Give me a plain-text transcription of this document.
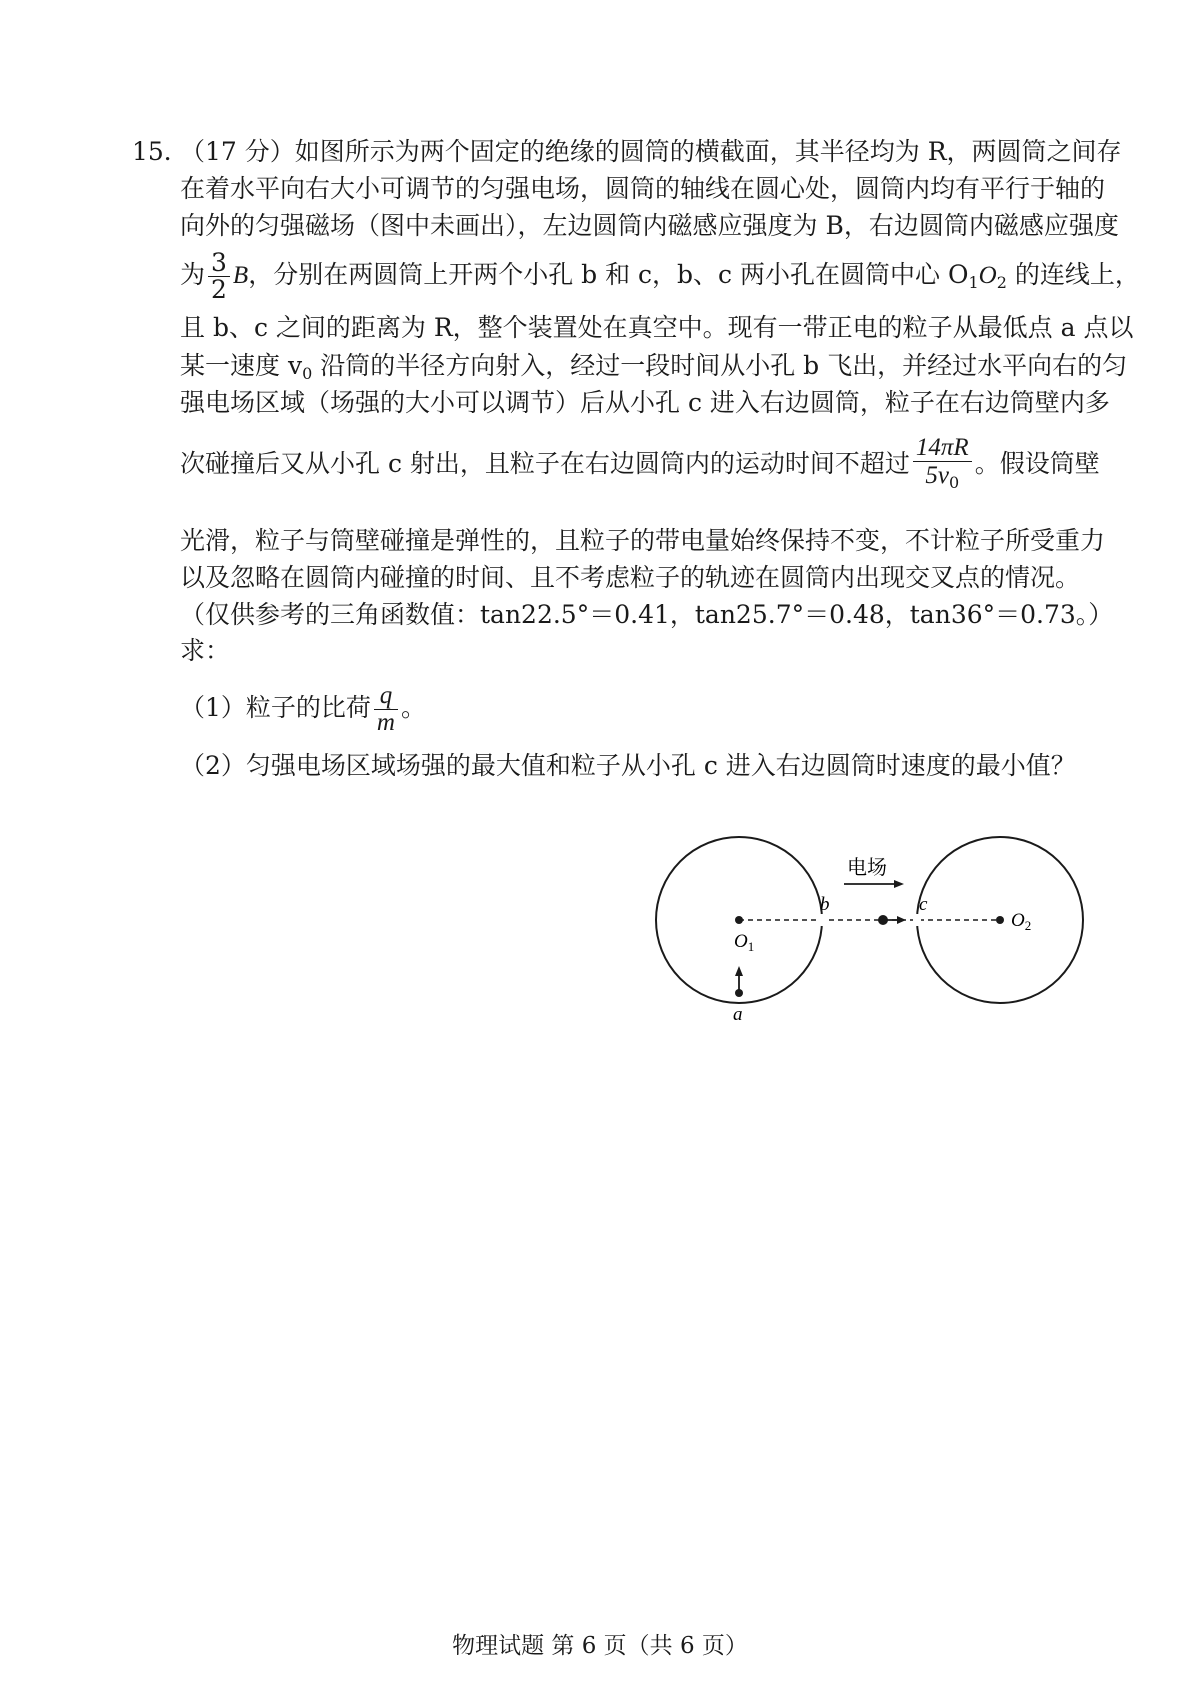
15．
（17 分）如图所示为两个固定的绝缘的圆筒的横截面，其半径均为 R，两圆筒之间存
在着水平向右大小可调节的匀强电场，圆筒的轴线在圆心处，圆筒内均有平行于轴的
向外的匀强磁场（图中未画出），左边圆筒内磁感应强度为 B，右边圆筒内磁感应强度
为 $\frac{3}{2}$ B，分别在两圆筒上开两个小孔 b 和 c，b、c 两小孔在圆筒中心 $O_1O_2$ 的连线上，
且 b、c 之间的距离为 R，整个装置处在真空中。现有一带正电的粒子从最低点 a 点以
某一速度 $v_0$ 沿筒的半径方向射入，经过一段时间从小孔 b 飞出，并经过水平向右的匀
强电场区域（场强的大小可以调节）后从小孔 c 进入右边圆筒，粒子在右边筒壁内多
次碰撞后又从小孔 c 射出，且粒子在右边圆筒内的运动时间不超过 $\frac{14\pi R}{5v_0}$ 。假设筒壁
光滑，粒子与筒壁碰撞是弹性的，且粒子的带电量始终保持不变，不计粒子所受重力
以及忽略在圆筒内碰撞的时间、且不考虑粒子的轨迹在圆筒内出现交叉点的情况。
（仅供参考的三角函数值：tan22.5°＝0.41，tan25.7°＝0.48，tan36°＝0.73。）
求：
（1）粒子的比荷 $\frac{q}{m}$ 。
（2）匀强电场区域场强的最大值和粒子从小孔 c 进入右边圆筒时速度的最小值？
电场
b	c
$O_1$
$O_2$
a
物理试题 第 6 页（共 6 页）
